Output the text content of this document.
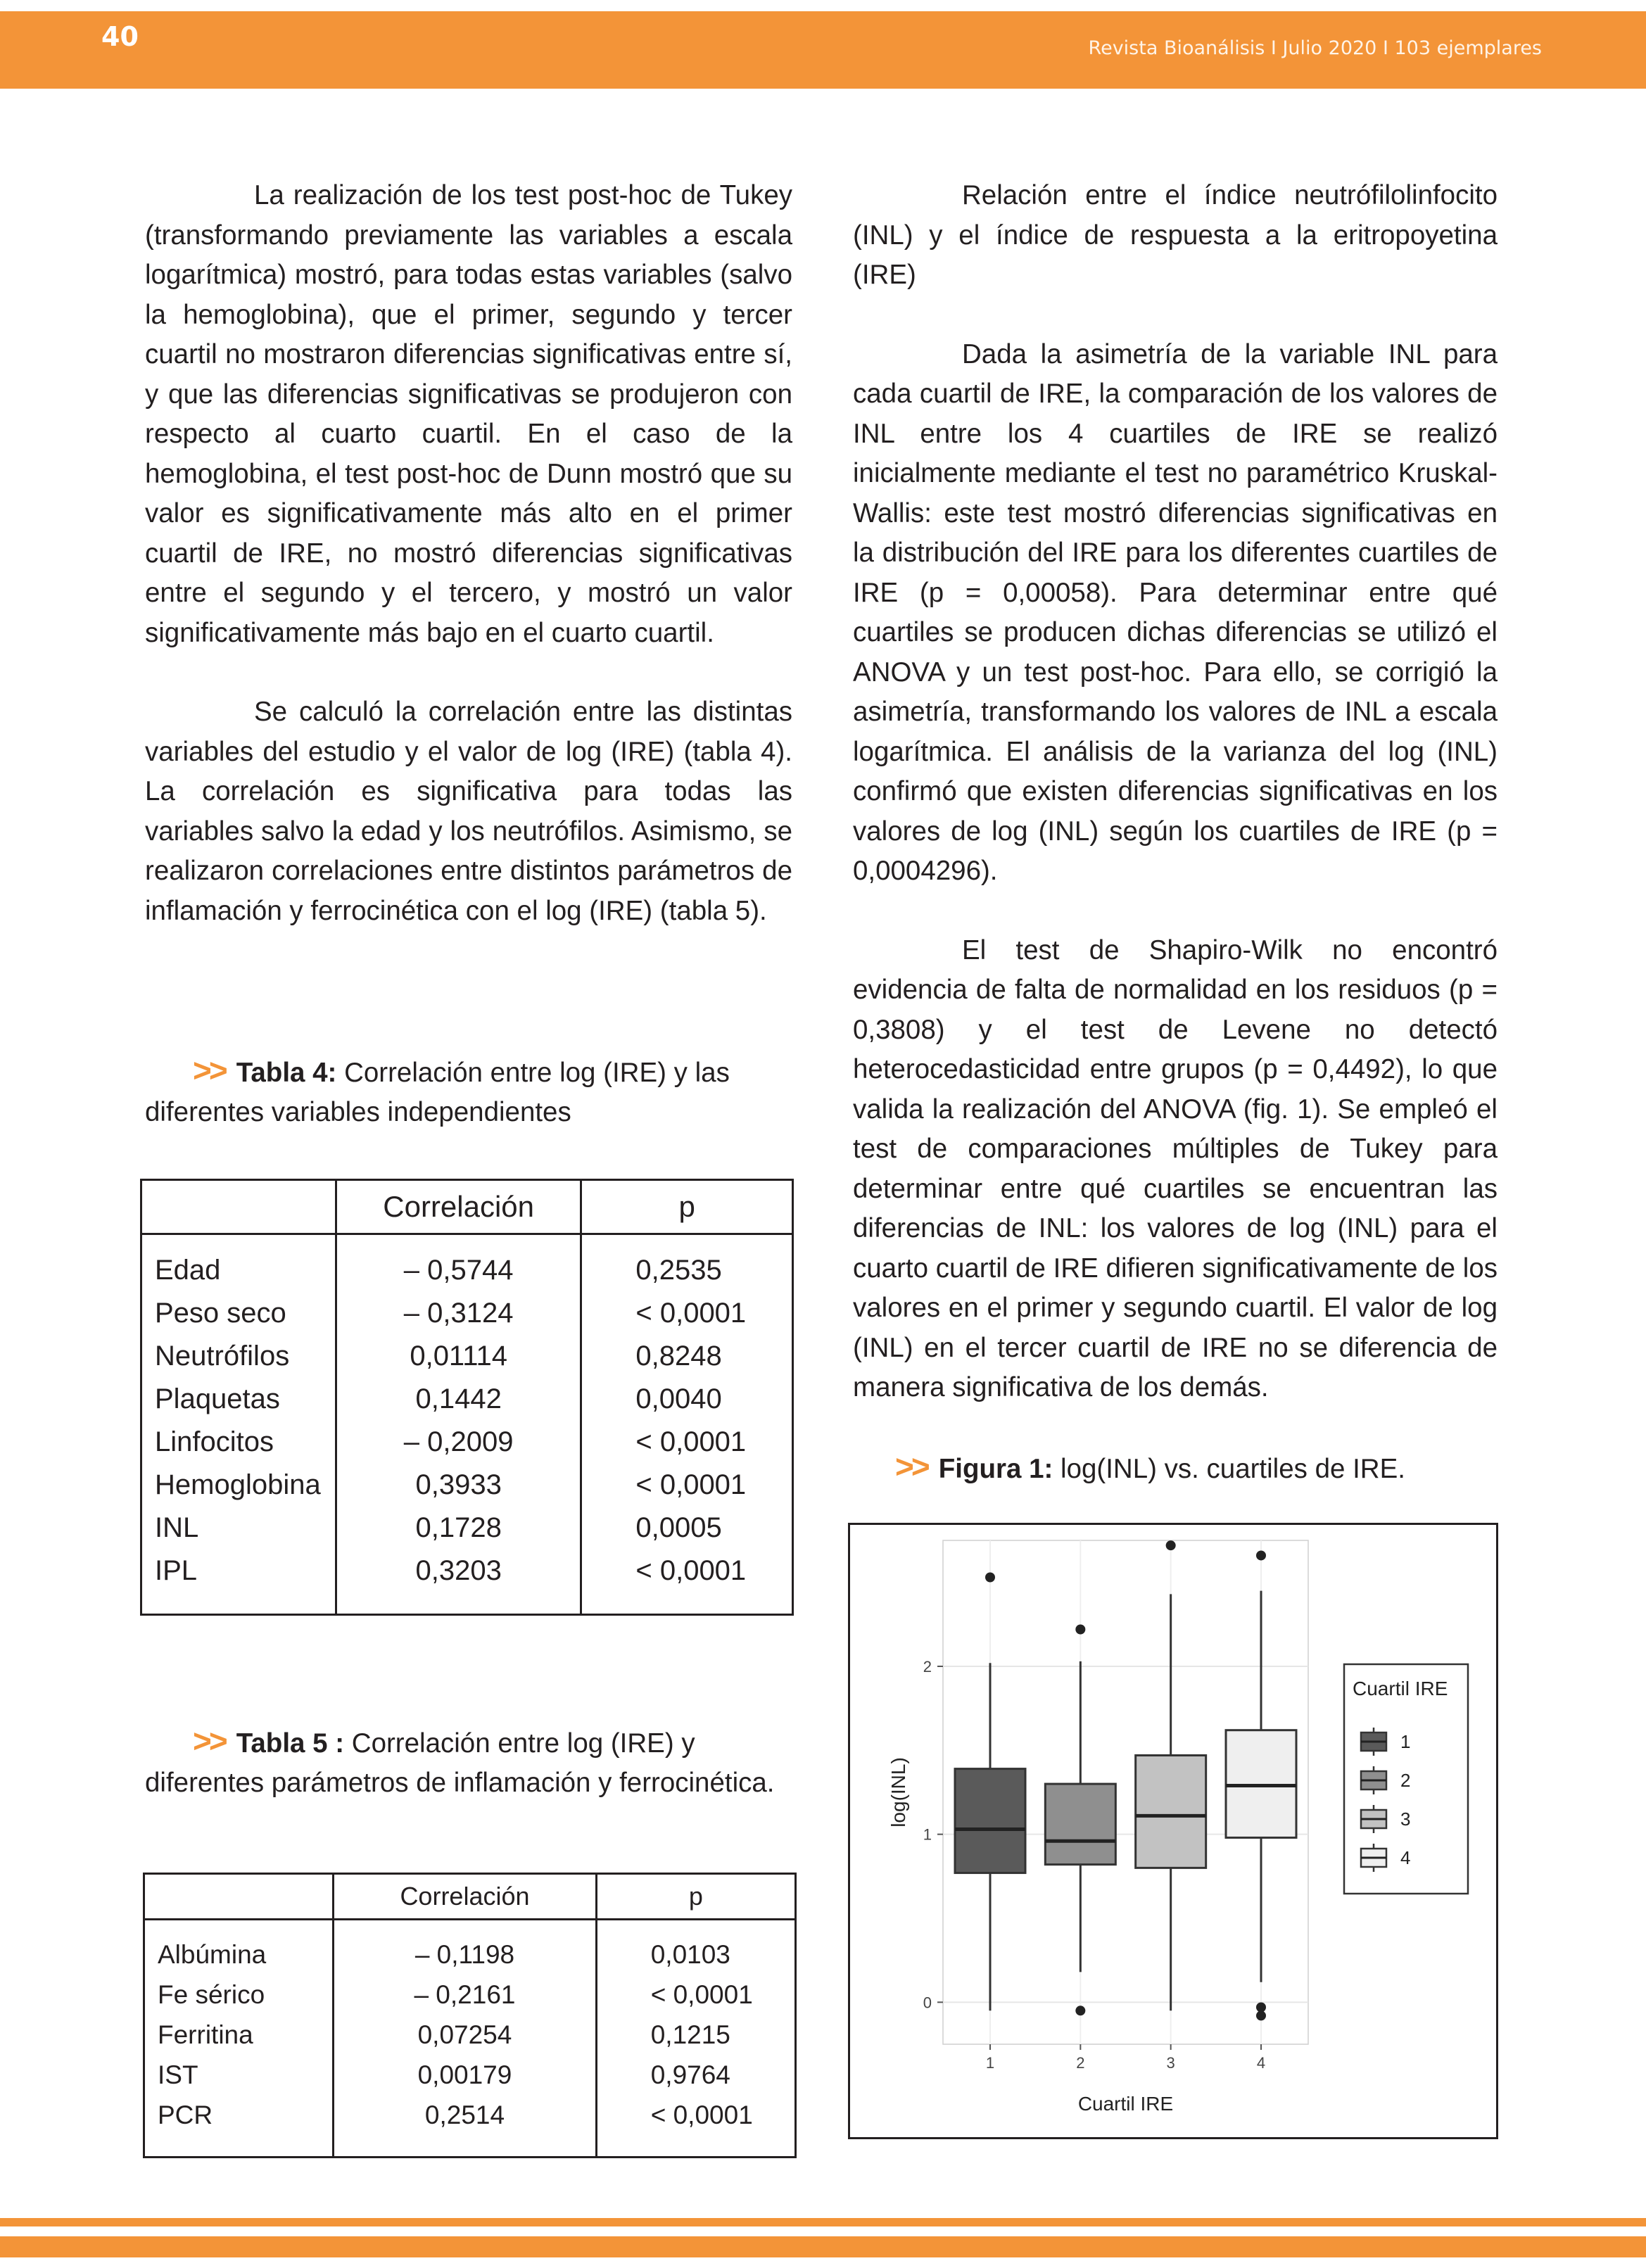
40	Revista Bioanálisis I Julio 2020 I 103 ejemplares

La realización de los test post-hoc de Tukey (transformando previamente las variables a escala logarítmica) mostró, para todas estas variables (salvo la hemoglobina), que el primer, segundo y tercer cuartil no mostraron diferencias significativas entre sí, y que las diferencias significativas se produjeron con respecto al cuarto cuartil. En el caso de la hemoglobina, el test post-hoc de Dunn mostró que su valor es significativamente más alto en el primer cuartil de IRE, no mostró diferencias significativas entre el segundo y el tercero, y mostró un valor significativamente más bajo en el cuarto cuartil.

Se calculó la correlación entre las distintas variables del estudio y el valor de log (IRE) (tabla 4). La correlación es significativa para todas las variables salvo la edad y los neutrófilos. Asimismo, se realizaron correlaciones entre distintos parámetros de inflamación y ferrocinética con el log (IRE) (tabla 5).

>> Tabla 4: Correlación entre log (IRE) y las diferentes variables independientes
	Correlación	p
Edad	– 0,5744	0,2535
Peso seco	– 0,3124	< 0,0001
Neutrófilos	0,01114	0,8248
Plaquetas	0,1442	0,0040
Linfocitos	– 0,2009	< 0,0001
Hemoglobina	0,3933	< 0,0001
INL	0,1728	0,0005
IPL	0,3203	< 0,0001
>> Tabla 5 : Correlación entre log (IRE) y diferentes parámetros de inflamación y ferrocinética.
	Correlación	p
Albúmina	– 0,1198	0,0103
Fe sérico	– 0,2161	< 0,0001
Ferritina	0,07254	0,1215
IST	0,00179	0,9764
PCR	0,2514	< 0,0001

Relación entre el índice neutrófilolinfocito (INL) y el índice de respuesta a la eritropoyetina (IRE)

Dada la asimetría de la variable INL para cada cuartil de IRE, la comparación de los valores de INL entre los 4 cuartiles de IRE se realizó inicialmente mediante el test no paramétrico Kruskal-Wallis: este test mostró diferencias significativas en la distribución del IRE para los diferentes cuartiles de IRE (p = 0,00058). Para determinar entre qué cuartiles se producen dichas diferencias se utilizó el ANOVA y un test post-hoc. Para ello, se corrigió la asimetría, transformando los valores de INL a escala logarítmica. El análisis de la varianza del log (INL) confirmó que existen diferencias significativas en los valores de log (INL) según los cuartiles de IRE (p = 0,0004296).

El test de Shapiro-Wilk no encontró evidencia de falta de normalidad en los residuos (p = 0,3808) y el test de Levene no detectó heterocedasticidad entre grupos (p = 0,4492), lo que valida la realización del ANOVA (fig. 1). Se empleó el test de comparaciones múltiples de Tukey para determinar entre qué cuartiles se encuentran las diferencias de INL: los valores de log (INL) para el cuarto cuartil de IRE difieren significativamente de los valores en el primer y segundo cuartil. El valor de log (INL) en el tercer cuartil de IRE no se diferencia de manera significativa de los demás.

>> Figura 1: log(INL) vs. cuartiles de IRE.
0
1
2
1	2	3	4
Cuartil IRE
log(INL)
Cuartil IRE
1
2
3
4
